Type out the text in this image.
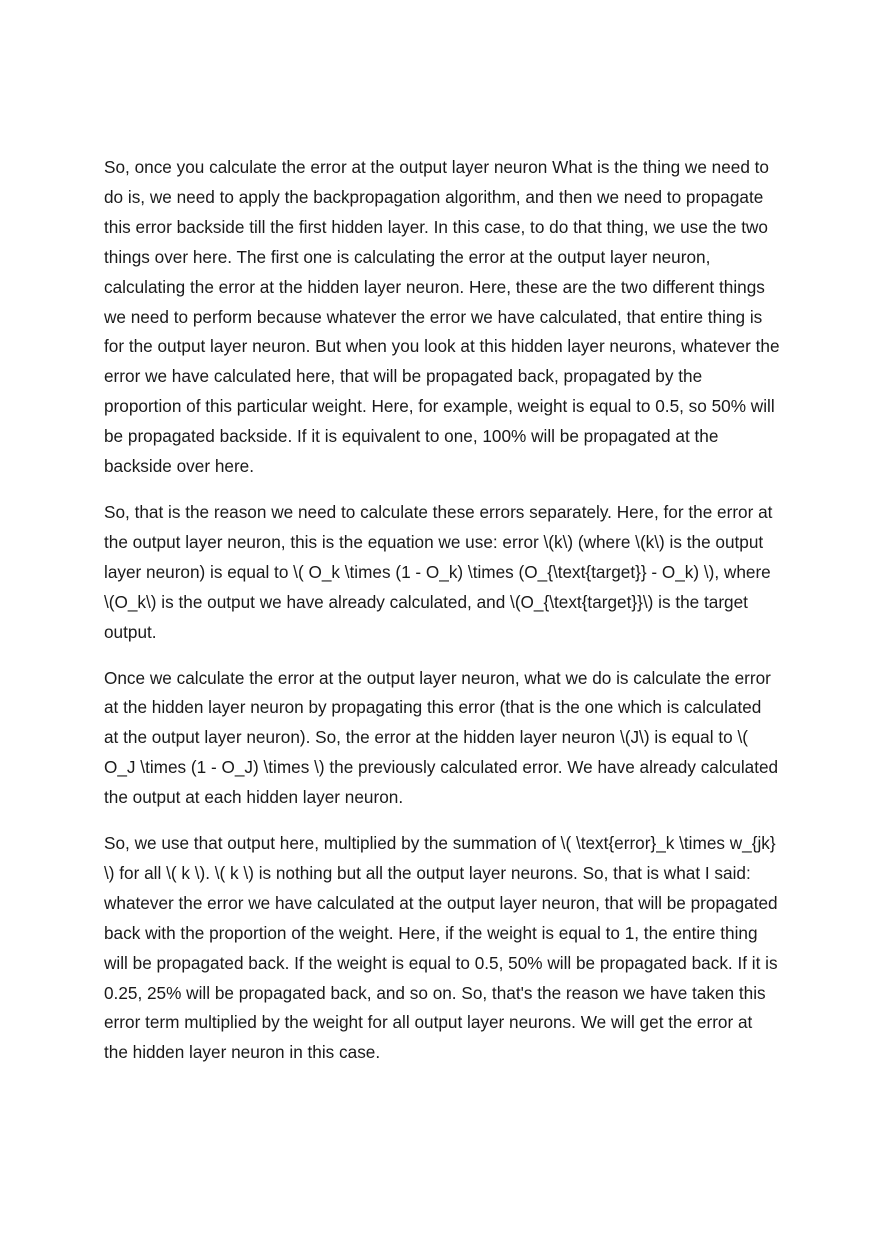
So, once you calculate the error at the output layer neuron What is the thing we need to do is, we need to apply the backpropagation algorithm, and then we need to propagate this error backside till the first hidden layer. In this case, to do that thing, we use the two things over here. The first one is calculating the error at the output layer neuron, calculating the error at the hidden layer neuron. Here, these are the two different things we need to perform because whatever the error we have calculated, that entire thing is for the output layer neuron. But when you look at this hidden layer neurons, whatever the error we have calculated here, that will be propagated back, propagated by the proportion of this particular weight. Here, for example, weight is equal to 0.5, so 50% will be propagated backside. If it is equivalent to one, 100% will be propagated at the backside over here.

So, that is the reason we need to calculate these errors separately. Here, for the error at the output layer neuron, this is the equation we use: error \(k\) (where \(k\) is the output layer neuron) is equal to \( O_k \times (1 - O_k) \times (O_{\text{target}} - O_k) \), where \(O_k\) is the output we have already calculated, and \(O_{\text{target}}\) is the target output.

Once we calculate the error at the output layer neuron, what we do is calculate the error at the hidden layer neuron by propagating this error (that is the one which is calculated at the output layer neuron). So, the error at the hidden layer neuron \(J\) is equal to \( O_J \times (1 - O_J) \times \) the previously calculated error. We have already calculated the output at each hidden layer neuron.

So, we use that output here, multiplied by the summation of \( \text{error}_k \times w_{jk} \) for all \( k \). \( k \) is nothing but all the output layer neurons. So, that is what I said: whatever the error we have calculated at the output layer neuron, that will be propagated back with the proportion of the weight. Here, if the weight is equal to 1, the entire thing will be propagated back. If the weight is equal to 0.5, 50% will be propagated back. If it is 0.25, 25% will be propagated back, and so on. So, that's the reason we have taken this error term multiplied by the weight for all output layer neurons. We will get the error at the hidden layer neuron in this case.
